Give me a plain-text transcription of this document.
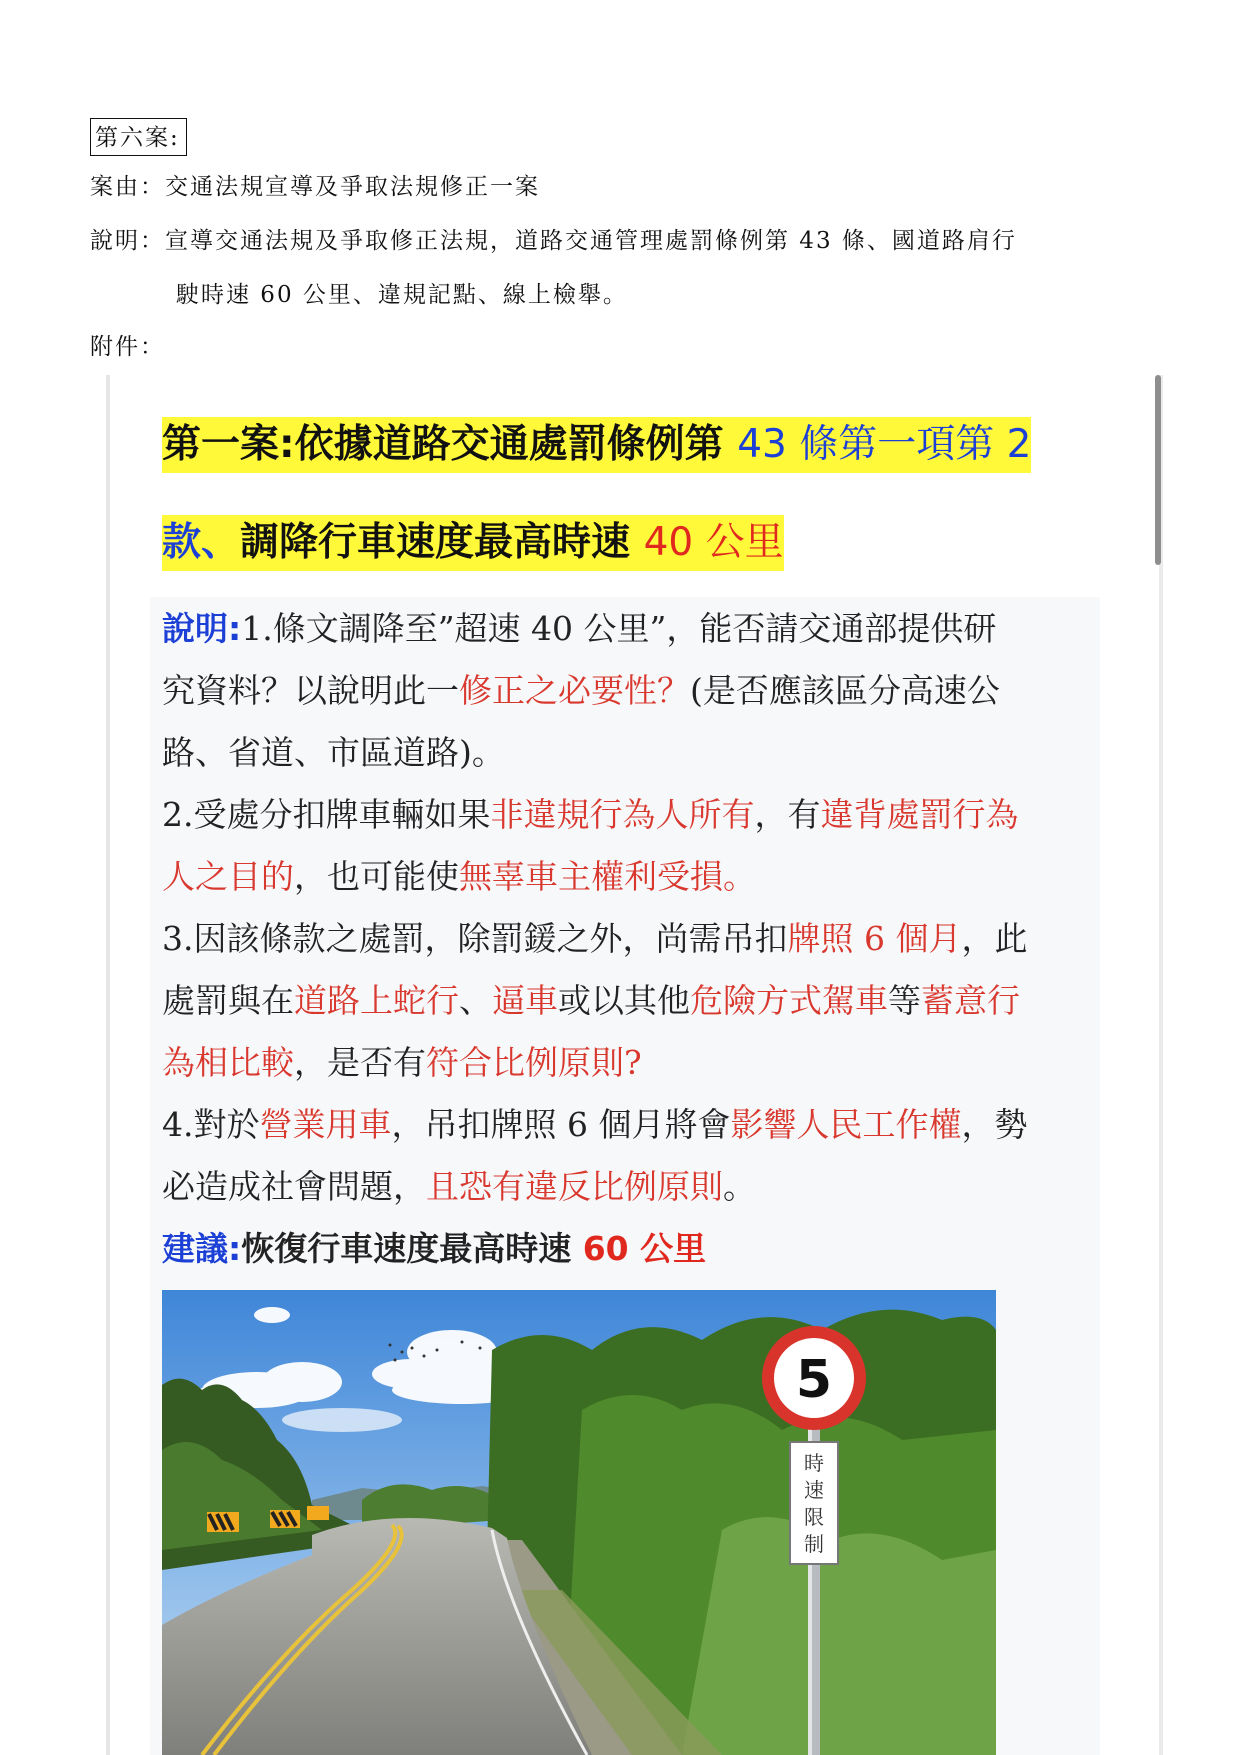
第六案:
案由：交通法規宣導及爭取法規修正一案
說明：宣導交通法規及爭取修正法規，道路交通管理處罰條例第 43 條、國道路肩行
駛時速 60 公里、違規記點、線上檢舉。
附件：
第一案:依據道路交通處罰條例第 43 條第一項第 2
款、調降行車速度最高時速 40 公里

說明:1.條文調降至”超速 40 公里”，能否請交通部提供研

究資料？以說明此一修正之必要性？(是否應該區分高速公

路、省道、市區道路)。

2.受處分扣牌車輛如果非違規行為人所有，有違背處罰行為

人之目的，也可能使無辜車主權利受損。

3.因該條款之處罰，除罰鍰之外，尚需吊扣牌照 6 個月，此

處罰與在道路上蛇行、逼車或以其他危險方式駕車等蓄意行

為相比較，是否有符合比例原則?

4.對於營業用車，吊扣牌照 6 個月將會影響人民工作權，勢

必造成社會問題，且恐有違反比例原則。

建議:恢復行車速度最高時速 60 公里

5
時
速
限
制
